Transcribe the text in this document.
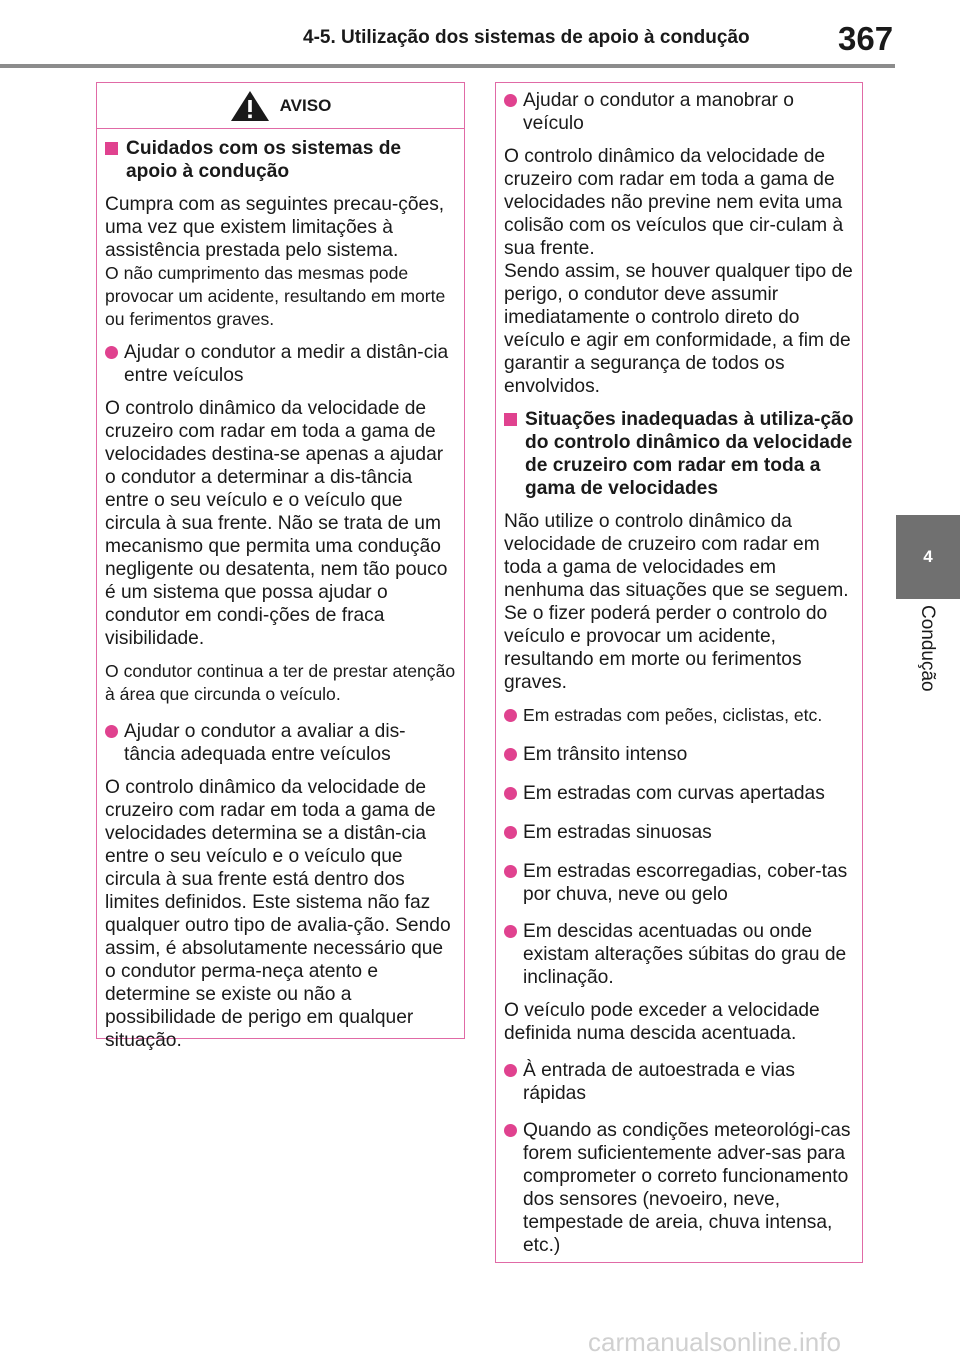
4-5. Utilização dos sistemas de apoio à condução	367
4
Condução
AVISO
Cuidados com os sistemas de apoio à condução

Cumpra com as seguintes precau-ções, uma vez que existem limitações à assistência prestada pelo sistema.

O não cumprimento das mesmas pode provocar um acidente, resultando em morte ou ferimentos graves.

Ajudar o condutor a medir a distân-cia entre veículos

O controlo dinâmico da velocidade de cruzeiro com radar em toda a gama de velocidades destina-se apenas a ajudar o condutor a determinar a dis-tância entre o seu veículo e o veículo que circula à sua frente. Não se trata de um mecanismo que permita uma condução negligente ou desatenta, nem tão pouco é um sistema que possa ajudar o condutor em condi-ções de fraca visibilidade.

O condutor continua a ter de prestar atenção à área que circunda o veículo.

Ajudar o condutor a avaliar a dis-tância adequada entre veículos

O controlo dinâmico da velocidade de cruzeiro com radar em toda a gama de velocidades determina se a distân-cia entre o seu veículo e o veículo que circula à sua frente está dentro dos limites definidos. Este sistema não faz qualquer outro tipo de avalia-ção. Sendo assim, é absolutamente necessário que o condutor perma-neça atento e determine se existe ou não a possibilidade de perigo em qualquer situação.

Ajudar o condutor a manobrar o veículo

O controlo dinâmico da velocidade de cruzeiro com radar em toda a gama de velocidades não previne nem evita uma colisão com os veículos que cir-culam à sua frente.

Sendo assim, se houver qualquer tipo de perigo, o condutor deve assumir imediatamente o controlo direto do veículo e agir em conformidade, a fim de garantir a segurança de todos os envolvidos.

Situações inadequadas à utiliza-ção do controlo dinâmico da velocidade de cruzeiro com radar em toda a gama de velocidades

Não utilize o controlo dinâmico da velocidade de cruzeiro com radar em toda a gama de velocidades em nenhuma das situações que se seguem. Se o fizer poderá perder o controlo do veículo e provocar um acidente, resultando em morte ou ferimentos graves.

Em estradas com peões, ciclistas, etc.
Em trânsito intenso
Em estradas com curvas apertadas
Em estradas sinuosas
Em estradas escorregadias, cober-tas por chuva, neve ou gelo
Em descidas acentuadas ou onde existam alterações súbitas do grau de inclinação.

O veículo pode exceder a velocidade definida numa descida acentuada.

À entrada de autoestrada e vias rápidas
Quando as condições meteorológi-cas forem suficientemente adver-sas para comprometer o correto funcionamento dos sensores (nevoeiro, neve, tempestade de areia, chuva intensa, etc.)
carmanualsonline.info
